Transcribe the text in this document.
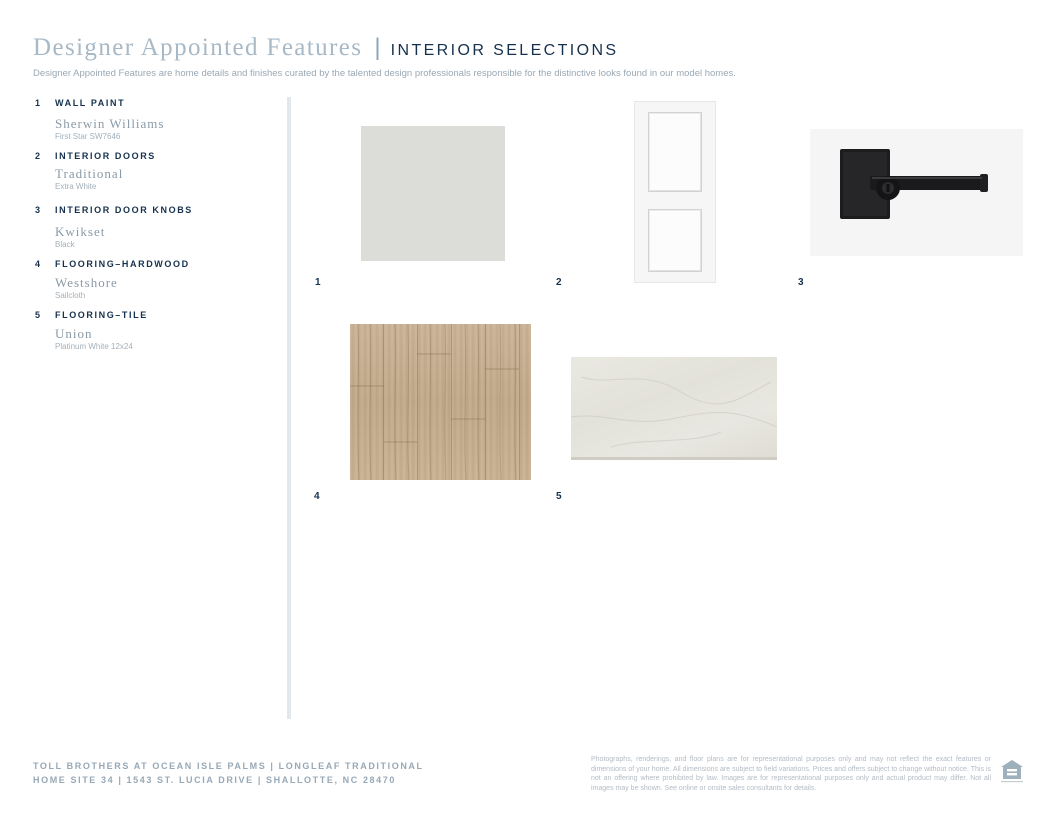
Designer Appointed Features | INTERIOR SELECTIONS
Designer Appointed Features are home details and finishes curated by the talented design professionals responsible for the distinctive looks found in our model homes.
1 WALL PAINT
Sherwin Williams
First Star SW7646
2 INTERIOR DOORS
Traditional
Extra White
3 INTERIOR DOOR KNOBS
Kwikset
Black
4 FLOORING–HARDWOOD
Westshore
Sailcloth
5 FLOORING–TILE
Union
Platinum White 12x24
1	2	3
4	5
TOLL BROTHERS AT OCEAN ISLE PALMS | LONGLEAF TRADITIONAL
HOME SITE 34 | 1543 ST. LUCIA DRIVE | SHALLOTTE, NC 28470
Photographs, renderings, and floor plans are for representational purposes only and may not reflect the exact features or dimensions of your home. All dimensions are subject to field variations. Prices and offers subject to change without notice. This is not an offering where prohibited by law. Images are for representational purposes only and actual product may differ. Not all images may be shown. See online or onsite sales consultants for details.
